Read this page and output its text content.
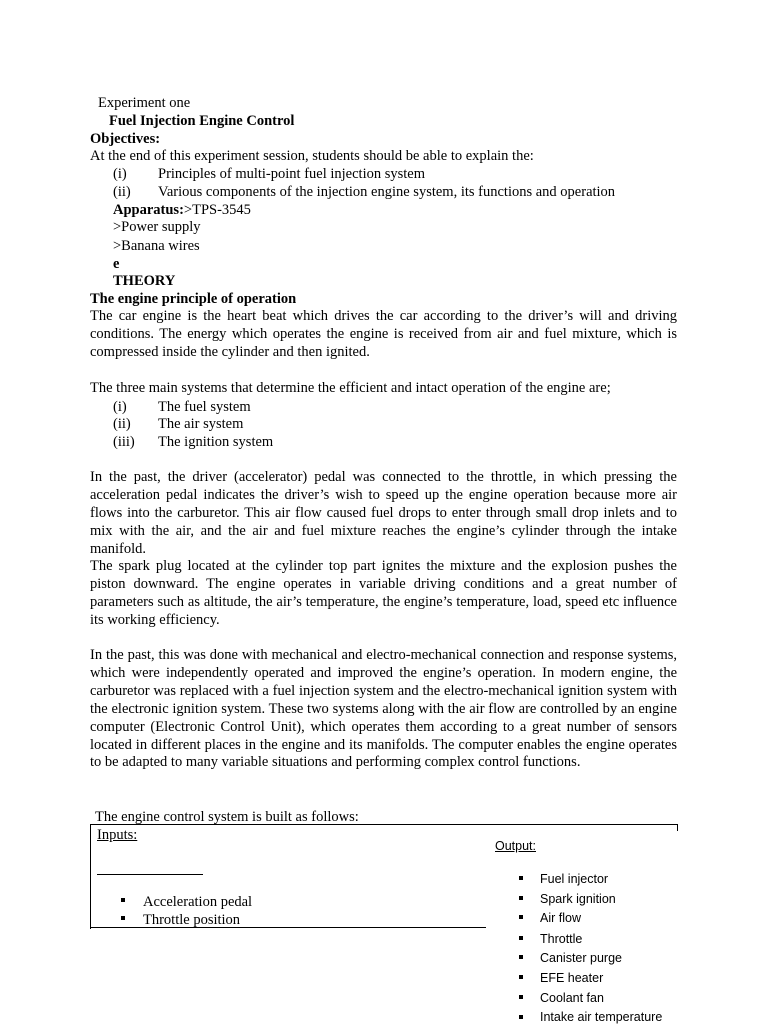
Experiment one
Fuel Injection Engine Control
Objectives:
At the end of this experiment session, students should be able to explain the:
(i) Principles of multi-point fuel injection system
(ii) Various components of the injection engine system, its functions and operation
Apparatus:>TPS-3545
>Power supply
>Banana wires
e
THEORY
The engine principle of operation
The car engine is the heart beat which drives the car according to the driver’s will and driving conditions. The energy which operates the engine is received from air and fuel mixture, which is compressed inside the cylinder and then ignited.
The three main systems that determine the efficient and intact operation of the engine are;
(i) The fuel system
(ii) The air system
(iii) The ignition system
In the past, the driver (accelerator) pedal was connected to the throttle, in which pressing the acceleration pedal indicates the driver’s wish to speed up the engine operation because more air flows into the carburetor. This air flow caused fuel drops to enter through small drop inlets and to mix with the air, and the air and fuel mixture reaches the engine’s cylinder through the intake manifold.
The spark plug located at the cylinder top part ignites the mixture and the explosion pushes the piston downward. The engine operates in variable driving conditions and a great number of parameters such as altitude, the air’s temperature, the engine’s temperature, load, speed etc influence its working efficiency.
In the past, this was done with mechanical and electro-mechanical connection and response systems, which were independently operated and improved the engine’s operation. In modern engine, the carburetor was replaced with a fuel injection system and the electro-mechanical ignition system with the electronic ignition system. These two systems along with the air flow are controlled by an engine computer (Electronic Control Unit), which operates them according to a great number of sensors located in different places in the engine and its manifolds. The computer enables the engine operates to be adapted to many variable situations and performing complex control functions.
The engine control system is built as follows:
Inputs:
Acceleration pedal
Throttle position
Output:
Fuel injector
Spark ignition
Air flow
Throttle
Canister purge
EFE heater
Coolant fan
Intake air temperature
